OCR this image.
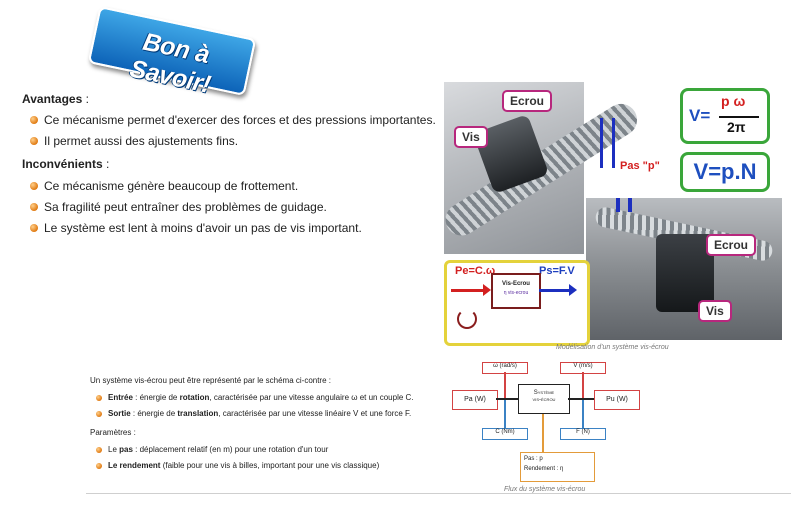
Bon à Savoir!
Avantages :
Ce mécanisme permet d'exercer des forces et des pressions importantes.
Il permet aussi des ajustements fins.
Inconvénients :
Ce mécanisme génère beaucoup de frottement.
Sa fragilité peut entraîner des problèmes de guidage.
Le système est lent à moins d'avoir un pas de vis important.
Vis
Ecrou
Pas "p"
V=
p ω
2π
V=p.N
Ecrou
Vis
Pe=C.ω	Ps=F.V
Vis-Ecrou
η vis-ecrou
Modélisation d'un système vis-écrou
Un système vis-écrou peut être représenté par le schéma ci-contre :
Entrée : énergie de rotation, caractérisée par une vitesse angulaire ω et un couple C.
Sortie : énergie de translation, caractérisée par une vitesse linéaire V et une force F.
Paramètres :
Le pas : déplacement relatif (en m) pour une rotation d'un tour
Le rendement (faible pour une vis à billes, important pour une vis classique)
ω (rad/s)	V (m/s)
Pa (W)
Système
vis-écrou	Pu (W)
C (Nm)	F (N)
Pas : p
Rendement : η
Flux du système vis-écrou
